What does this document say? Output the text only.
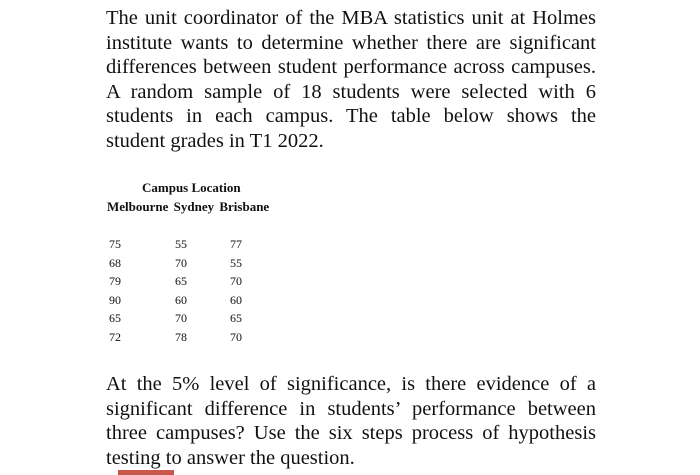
The unit coordinator of the MBA statistics unit at Holmes institute wants to determine whether there are significant differences between student performance across campuses. A random sample of 18 students were selected with 6 students in each campus. The table below shows the student grades in T1 2022.

Campus Location
Melbourne Sydney Brisbane
75
68
79
90
65
72
55
70
65
60
70
78
77
55
70
60
65
70

At the 5% level of significance, is there evidence of a significant difference in students’ performance between three campuses? Use the six steps process of hypothesis testing to answer the question.
